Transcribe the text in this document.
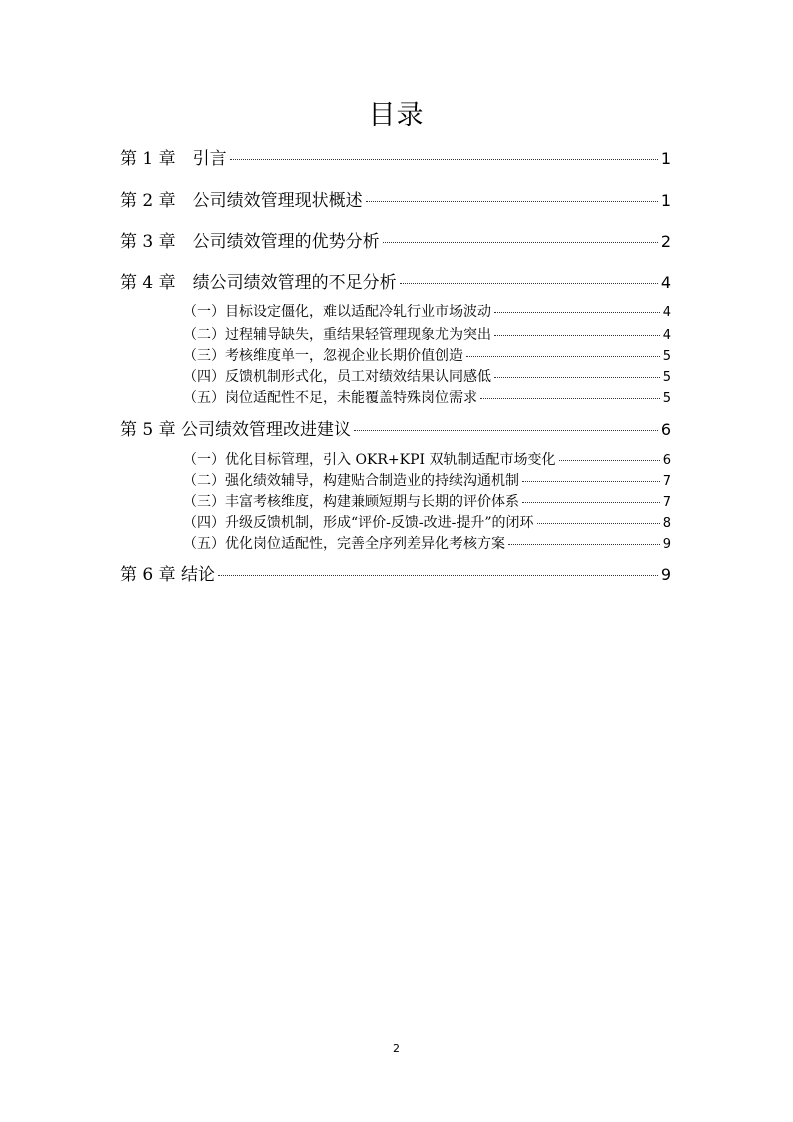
目录
第 1 章　引言	1
第 2 章　公司绩效管理现状概述	1
第 3 章　公司绩效管理的优势分析	2
第 4 章　绩公司绩效管理的不足分析	4
（一）目标设定僵化，难以适配冷轧行业市场波动	4
（二）过程辅导缺失，重结果轻管理现象尤为突出	4
（三）考核维度单一，忽视企业长期价值创造	5
（四）反馈机制形式化，员工对绩效结果认同感低	5
（五）岗位适配性不足，未能覆盖特殊岗位需求	5
第 5 章 公司绩效管理改进建议	6
（一）优化目标管理，引入 OKR+KPI 双轨制适配市场变化	6
（二）强化绩效辅导，构建贴合制造业的持续沟通机制	7
（三）丰富考核维度，构建兼顾短期与长期的评价体系	7
（四）升级反馈机制，形成“评价-反馈-改进-提升”的闭环	8
（五）优化岗位适配性，完善全序列差异化考核方案	9
第 6 章 结论	9
2
